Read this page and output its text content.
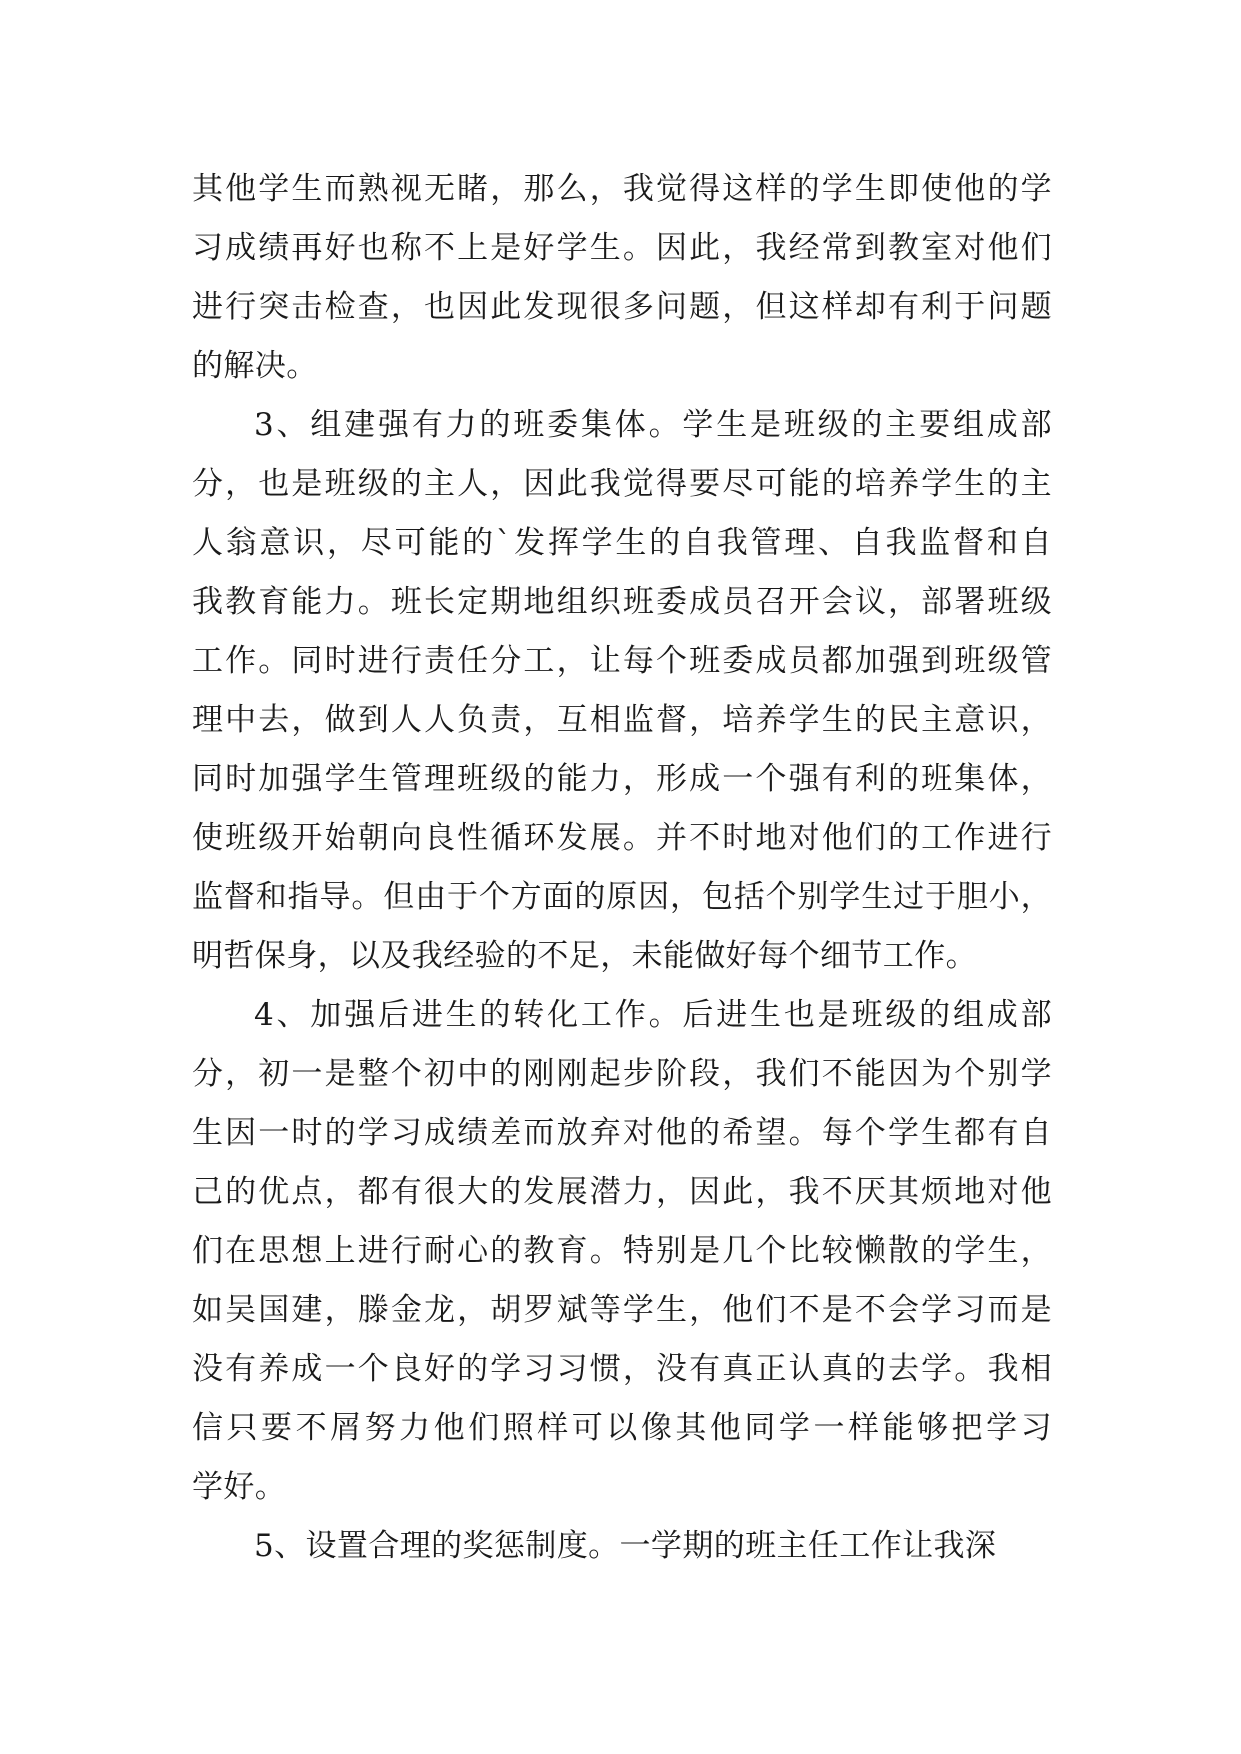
其他学生而熟视无睹，那么，我觉得这样的学生即使他的学
习成绩再好也称不上是好学生。因此，我经常到教室对他们
进行突击检查，也因此发现很多问题，但这样却有利于问题
的解决。
3、组建强有力的班委集体。学生是班级的主要组成部
分，也是班级的主人，因此我觉得要尽可能的培养学生的主
人翁意识，尽可能的`发挥学生的自我管理、自我监督和自
我教育能力。班长定期地组织班委成员召开会议，部署班级
工作。同时进行责任分工，让每个班委成员都加强到班级管
理中去，做到人人负责，互相监督，培养学生的民主意识，
同时加强学生管理班级的能力，形成一个强有利的班集体，
使班级开始朝向良性循环发展。并不时地对他们的工作进行
监督和指导。但由于个方面的原因，包括个别学生过于胆小，
明哲保身，以及我经验的不足，未能做好每个细节工作。
4、加强后进生的转化工作。后进生也是班级的组成部
分，初一是整个初中的刚刚起步阶段，我们不能因为个别学
生因一时的学习成绩差而放弃对他的希望。每个学生都有自
己的优点，都有很大的发展潜力，因此，我不厌其烦地对他
们在思想上进行耐心的教育。特别是几个比较懒散的学生，
如吴国建，滕金龙，胡罗斌等学生，他们不是不会学习而是
没有养成一个良好的学习习惯，没有真正认真的去学。我相
信只要不屑努力他们照样可以像其他同学一样能够把学习
学好。
5、设置合理的奖惩制度。一学期的班主任工作让我深
